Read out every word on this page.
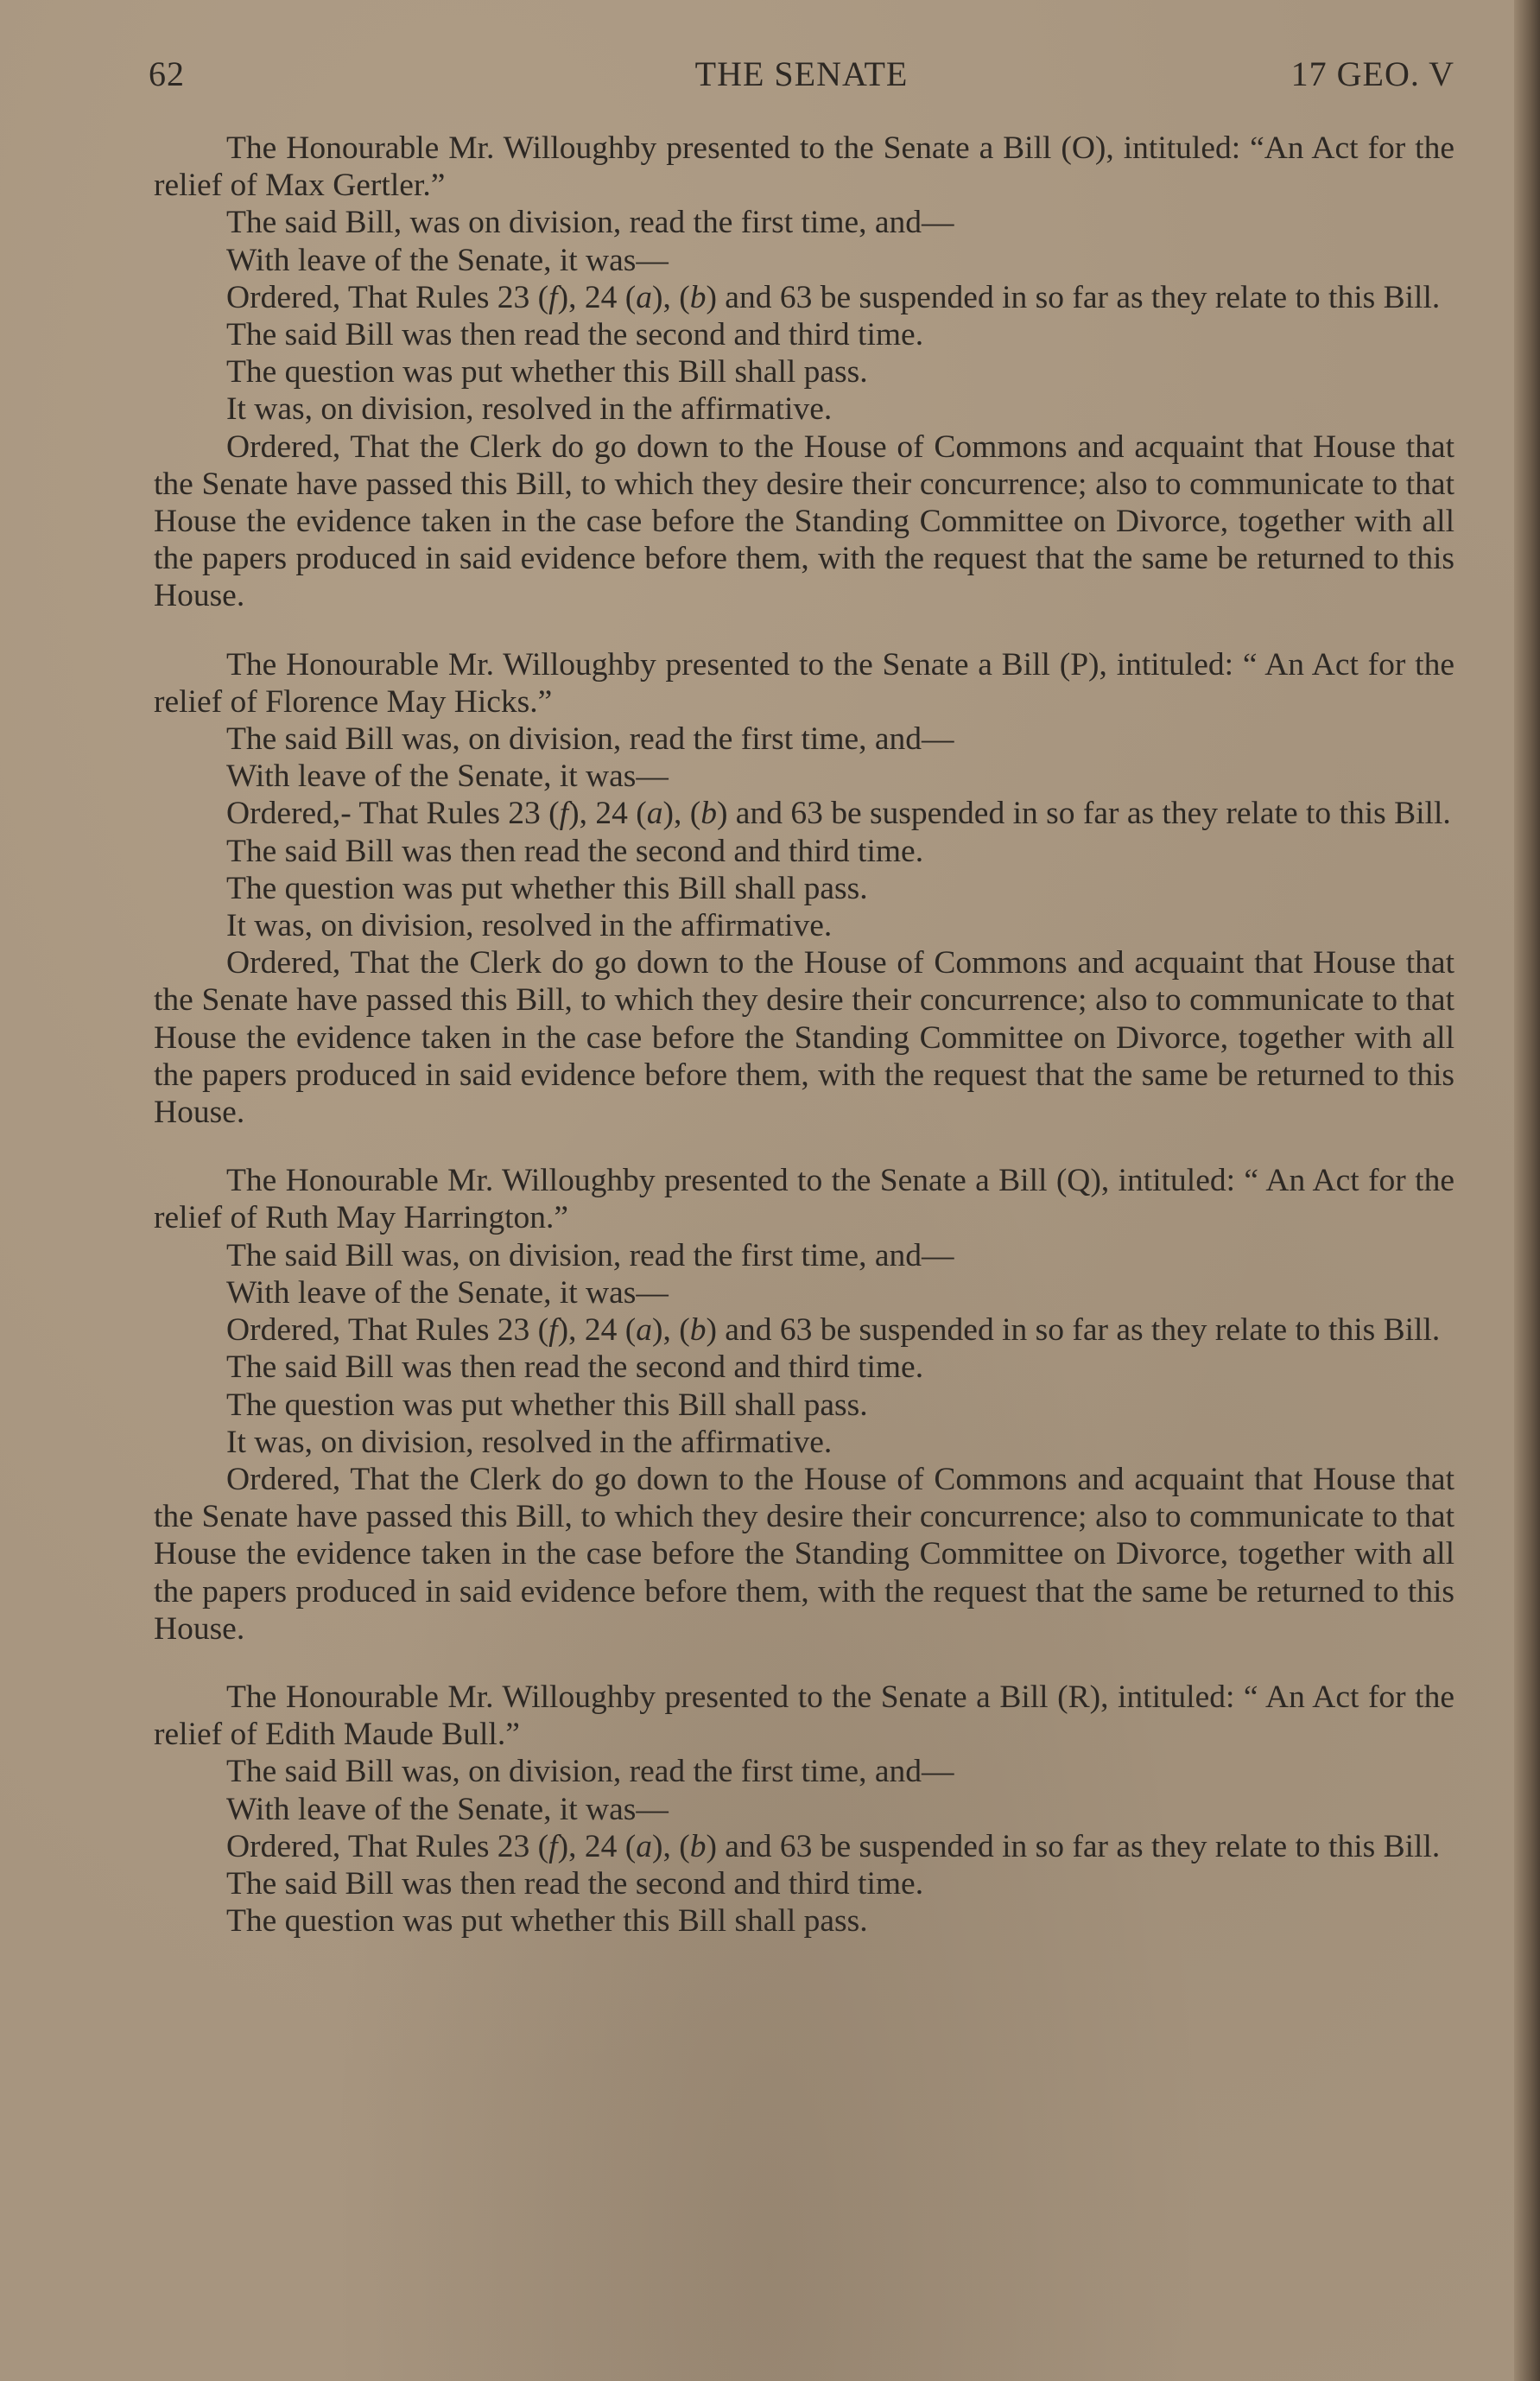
62	THE SENATE	17 GEO. V

The Honourable Mr. Willoughby presented to the Senate a Bill (O), intituled: “An Act for the relief of Max Gertler.”

The said Bill, was on division, read the first time, and—

With leave of the Senate, it was—

Ordered, That Rules 23 (f), 24 (a), (b) and 63 be suspended in so far as they relate to this Bill.

The said Bill was then read the second and third time.

The question was put whether this Bill shall pass.

It was, on division, resolved in the affirmative.

Ordered, That the Clerk do go down to the House of Commons and acquaint that House that the Senate have passed this Bill, to which they desire their concurrence; also to communicate to that House the evidence taken in the case before the Standing Committee on Divorce, together with all the papers produced in said evidence before them, with the request that the same be returned to this House.

The Honourable Mr. Willoughby presented to the Senate a Bill (P), intituled: “ An Act for the relief of Florence May Hicks.”

The said Bill was, on division, read the first time, and—

With leave of the Senate, it was—

Ordered,- That Rules 23 (f), 24 (a), (b) and 63 be suspended in so far as they relate to this Bill.

The said Bill was then read the second and third time.

The question was put whether this Bill shall pass.

It was, on division, resolved in the affirmative.

Ordered, That the Clerk do go down to the House of Commons and acquaint that House that the Senate have passed this Bill, to which they desire their concurrence; also to communicate to that House the evidence taken in the case before the Standing Committee on Divorce, together with all the papers produced in said evidence before them, with the request that the same be returned to this House.

The Honourable Mr. Willoughby presented to the Senate a Bill (Q), intituled: “ An Act for the relief of Ruth May Harrington.”

The said Bill was, on division, read the first time, and—

With leave of the Senate, it was—

Ordered, That Rules 23 (f), 24 (a), (b) and 63 be suspended in so far as they relate to this Bill.

The said Bill was then read the second and third time.

The question was put whether this Bill shall pass.

It was, on division, resolved in the affirmative.

Ordered, That the Clerk do go down to the House of Commons and acquaint that House that the Senate have passed this Bill, to which they desire their concurrence; also to communicate to that House the evidence taken in the case before the Standing Committee on Divorce, together with all the papers produced in said evidence before them, with the request that the same be returned to this House.

The Honourable Mr. Willoughby presented to the Senate a Bill (R), intituled: “ An Act for the relief of Edith Maude Bull.”

The said Bill was, on division, read the first time, and—

With leave of the Senate, it was—

Ordered, That Rules 23 (f), 24 (a), (b) and 63 be suspended in so far as they relate to this Bill.

The said Bill was then read the second and third time.

The question was put whether this Bill shall pass.
